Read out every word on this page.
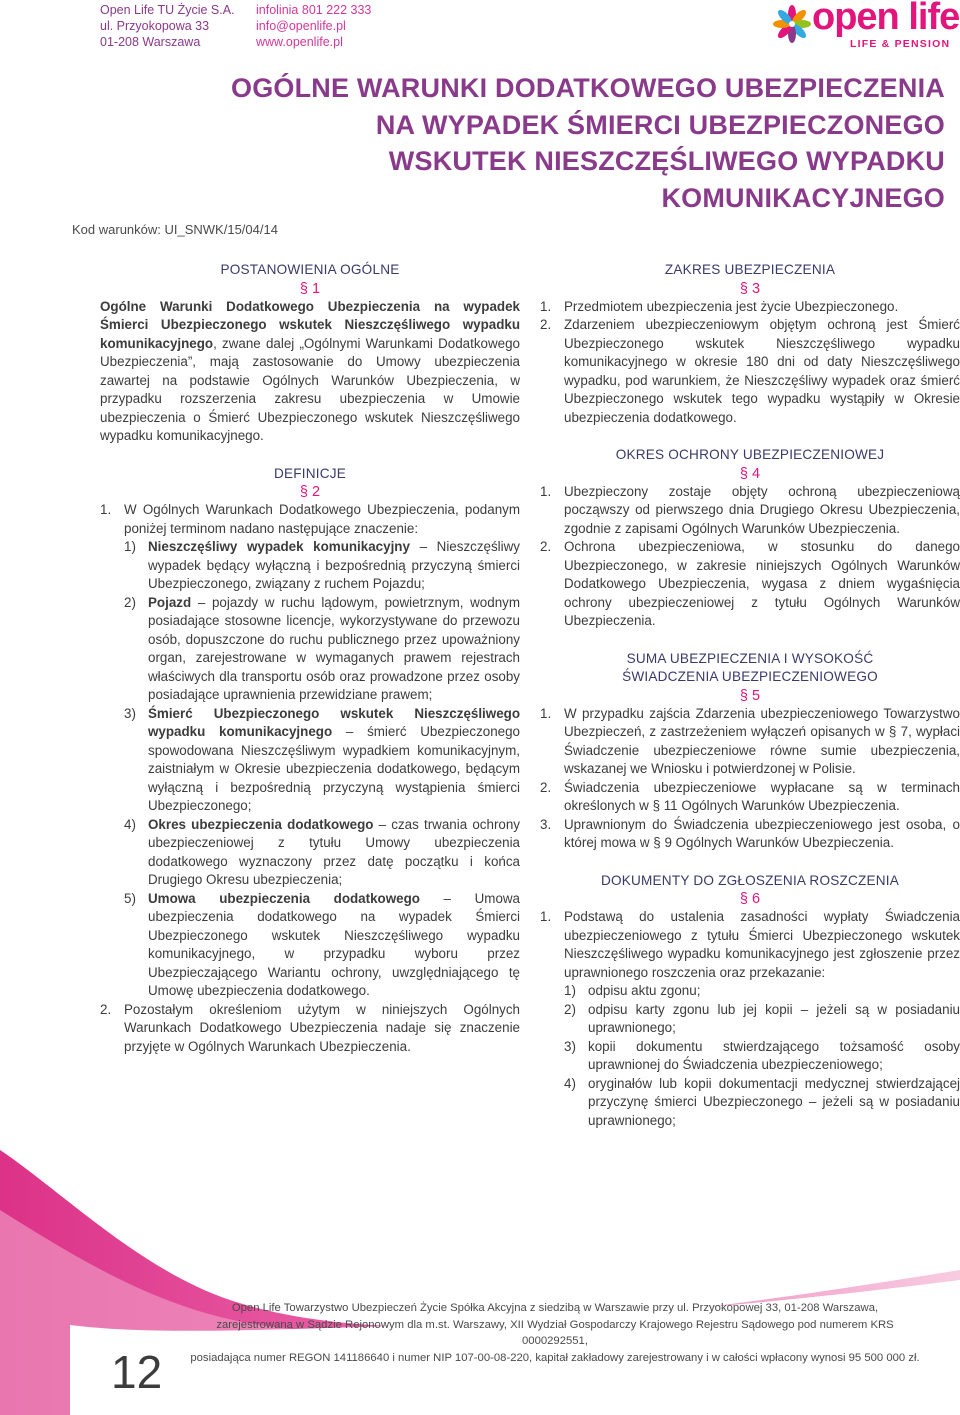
Open Life TU Życie S.A.
ul. Przyokopowa 33
01-208 Warszawa
infolinia 801 222 333
info@openlife.pl
www.openlife.pl
open life
LIFE & PENSION
OGÓLNE WARUNKI DODATKOWEGO UBEZPIECZENIA
NA WYPADEK ŚMIERCI UBEZPIECZONEGO
WSKUTEK NIESZCZĘŚLIWEGO WYPADKU
KOMUNIKACYJNEGO
Kod warunków: UI_SNWK/15/04/14
POSTANOWIENIA OGÓLNE
§ 1
Ogólne Warunki Dodatkowego Ubezpieczenia na wypadek Śmierci Ubezpieczonego wskutek Nieszczęśliwego wypadku komunikacyjnego, zwane dalej „Ogólnymi Warunkami Dodatkowego Ubezpieczenia”, mają zastosowanie do Umowy ubezpieczenia zawartej na podstawie Ogólnych Warunków Ubezpieczenia, w przypadku rozszerzenia zakresu ubezpieczenia w Umowie ubezpieczenia o Śmierć Ubezpieczonego wskutek Nieszczęśliwego wypadku komunikacyjnego.
DEFINICJE
§ 2
1. W Ogólnych Warunkach Dodatkowego Ubezpieczenia, podanym poniżej terminom nadano następujące znaczenie:
1) Nieszczęśliwy wypadek komunikacyjny – Nieszczęśliwy wypadek będący wyłączną i bezpośrednią przyczyną śmierci Ubezpieczonego, związany z ruchem Pojazdu;
2) Pojazd – pojazdy w ruchu lądowym, powietrznym, wodnym posiadające stosowne licencje, wykorzystywane do przewozu osób, dopuszczone do ruchu publicznego przez upoważniony organ, zarejestrowane w wymaganych prawem rejestrach właściwych dla transportu osób oraz prowadzone przez osoby posiadające uprawnienia przewidziane prawem;
3) Śmierć Ubezpieczonego wskutek Nieszczęśliwego wypadku komunikacyjnego – śmierć Ubezpieczonego spowodowana Nieszczęśliwym wypadkiem komunikacyjnym, zaistniałym w Okresie ubezpieczenia dodatkowego, będącym wyłączną i bezpośrednią przyczyną wystąpienia śmierci Ubezpieczonego;
4) Okres ubezpieczenia dodatkowego – czas trwania ochrony ubezpieczeniowej z tytułu Umowy ubezpieczenia dodatkowego wyznaczony przez datę początku i końca Drugiego Okresu ubezpieczenia;
5) Umowa ubezpieczenia dodatkowego – Umowa ubezpieczenia dodatkowego na wypadek Śmierci Ubezpieczonego wskutek Nieszczęśliwego wypadku komunikacyjnego, w przypadku wyboru przez Ubezpieczającego Wariantu ochrony, uwzględniającego tę Umowę ubezpieczenia dodatkowego.
2. Pozostałym określeniom użytym w niniejszych Ogólnych Warunkach Dodatkowego Ubezpieczenia nadaje się znaczenie przyjęte w Ogólnych Warunkach Ubezpieczenia.
ZAKRES UBEZPIECZENIA
§ 3
1. Przedmiotem ubezpieczenia jest życie Ubezpieczonego.
2. Zdarzeniem ubezpieczeniowym objętym ochroną jest Śmierć Ubezpieczonego wskutek Nieszczęśliwego wypadku komunikacyjnego w okresie 180 dni od daty Nieszczęśliwego wypadku, pod warunkiem, że Nieszczęśliwy wypadek oraz śmierć Ubezpieczonego wskutek tego wypadku wystąpiły w Okresie ubezpieczenia dodatkowego.
OKRES OCHRONY UBEZPIECZENIOWEJ
§ 4
1. Ubezpieczony zostaje objęty ochroną ubezpieczeniową począwszy od pierwszego dnia Drugiego Okresu Ubezpieczenia, zgodnie z zapisami Ogólnych Warunków Ubezpieczenia.
2. Ochrona ubezpieczeniowa, w stosunku do danego Ubezpieczonego, w zakresie niniejszych Ogólnych Warunków Dodatkowego Ubezpieczenia, wygasa z dniem wygaśnięcia ochrony ubezpieczeniowej z tytułu Ogólnych Warunków Ubezpieczenia.
SUMA UBEZPIECZENIA I WYSOKOŚĆ
ŚWIADCZENIA UBEZPIECZENIOWEGO
§ 5
1. W przypadku zajścia Zdarzenia ubezpieczeniowego Towarzystwo Ubezpieczeń, z zastrzeżeniem wyłączeń opisanych w § 7, wypłaci Świadczenie ubezpieczeniowe równe sumie ubezpieczenia, wskazanej we Wniosku i potwierdzonej w Polisie.
2. Świadczenia ubezpieczeniowe wypłacane są w terminach określonych w § 11 Ogólnych Warunków Ubezpieczenia.
3. Uprawnionym do Świadczenia ubezpieczeniowego jest osoba, o której mowa w § 9 Ogólnych Warunków Ubezpieczenia.
DOKUMENTY DO ZGŁOSZENIA ROSZCZENIA
§ 6
1. Podstawą do ustalenia zasadności wypłaty Świadczenia ubezpieczeniowego z tytułu Śmierci Ubezpieczonego wskutek Nieszczęśliwego wypadku komunikacyjnego jest zgłoszenie przez uprawnionego roszczenia oraz przekazanie:
1) odpisu aktu zgonu;
2) odpisu karty zgonu lub jej kopii – jeżeli są w posiadaniu uprawnionego;
3) kopii dokumentu stwierdzającego tożsamość osoby uprawnionej do Świadczenia ubezpieczeniowego;
4) oryginałów lub kopii dokumentacji medycznej stwierdzającej przyczynę śmierci Ubezpieczonego – jeżeli są w posiadaniu uprawnionego;
12
Open Life Towarzystwo Ubezpieczeń Życie Spółka Akcyjna z siedzibą w Warszawie przy ul. Przyokopowej 33, 01-208 Warszawa,
zarejestrowana w Sądzie Rejonowym dla m.st. Warszawy, XII Wydział Gospodarczy Krajowego Rejestru Sądowego pod numerem KRS 0000292551,
posiadająca numer REGON 141186640 i numer NIP 107-00-08-220, kapitał zakładowy zarejestrowany i w całości wpłacony wynosi 95 500 000 zł.
